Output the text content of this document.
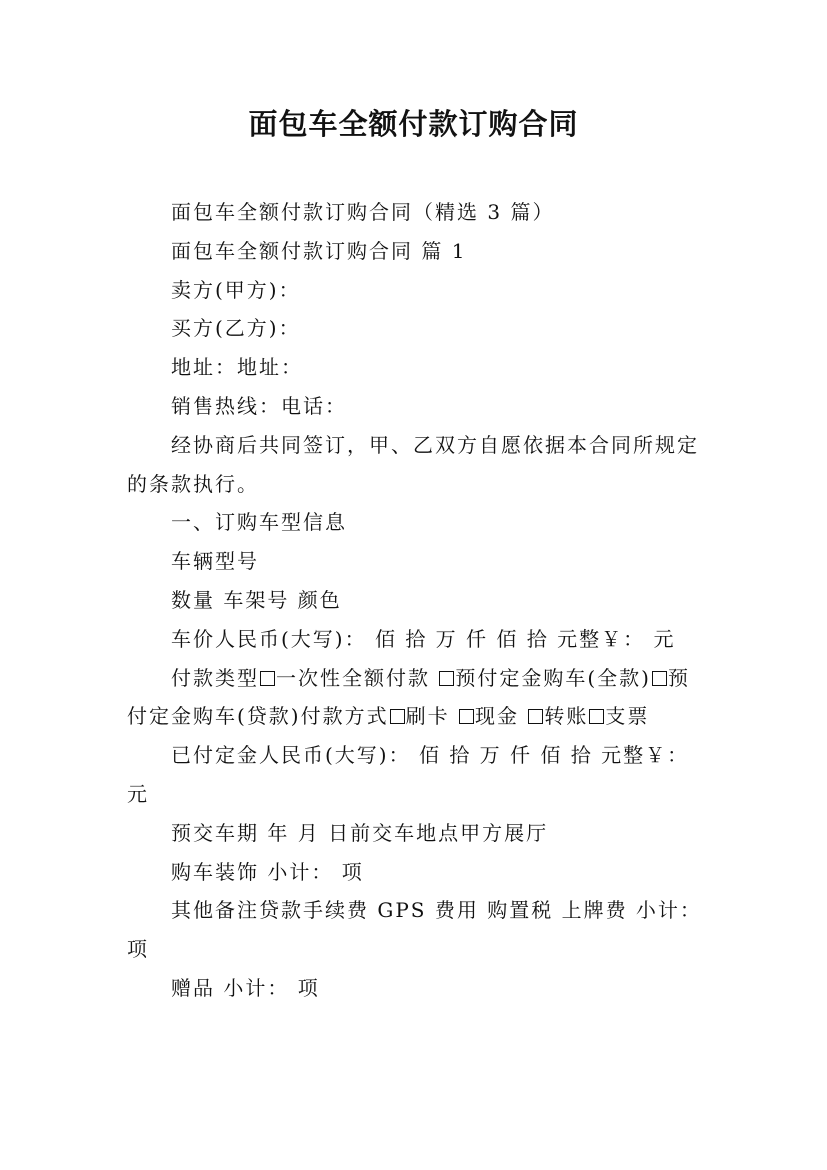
面包车全额付款订购合同

面包车全额付款订购合同（精选 3 篇）

面包车全额付款订购合同 篇 1

卖方(甲方)：

买方(乙方)：

地址：地址：

销售热线：电话：

经协商后共同签订，甲、乙双方自愿依据本合同所规定的条款执行。

一、订购车型信息

车辆型号

数量 车架号 颜色

车价人民币(大写)： 佰 拾 万 仟 佰 拾 元整￥： 元

付款类型 一次性全额付款 预付定金购车(全款) 预付定金购车(贷款)付款方式 刷卡 现金 转账 支票

已付定金人民币(大写)： 佰 拾 万 仟 佰 拾 元整￥： 元

预交车期 年 月 日前交车地点甲方展厅

购车装饰 小计： 项

其他备注贷款手续费 GPS 费用 购置税 上牌费 小计： 项

赠品 小计： 项
